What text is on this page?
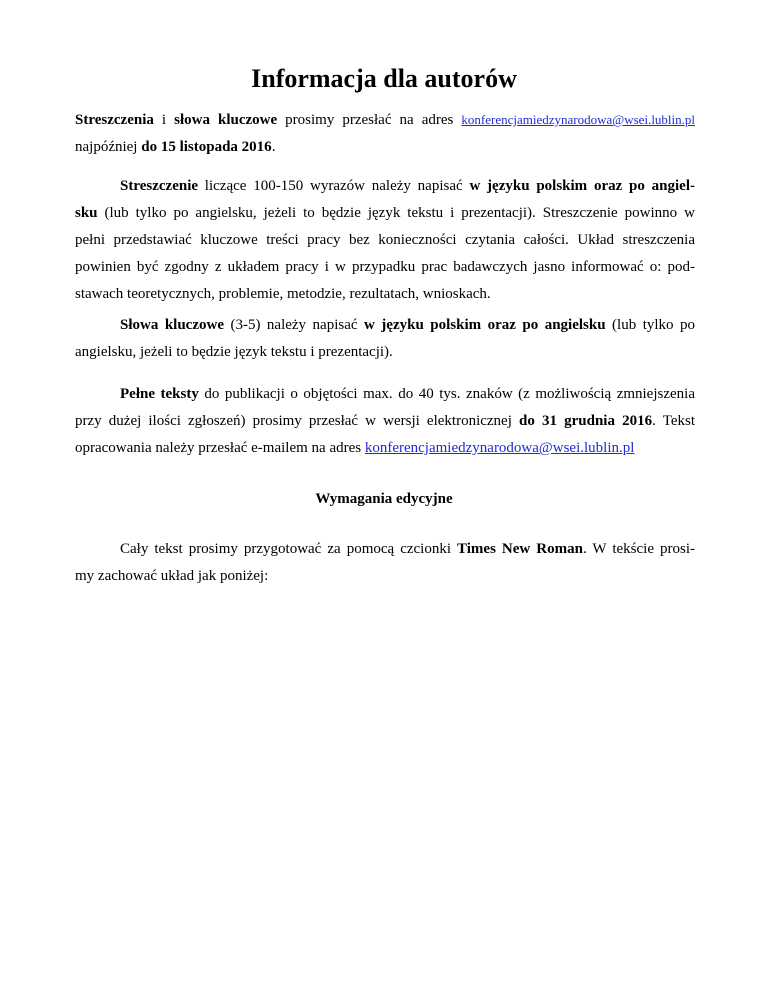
Informacja dla autorów
Streszczenia i słowa kluczowe prosimy przesłać na adres konferencjamiedzynarodowa@wsei.lublin.pl
najpóźniej do 15 listopada 2016.
Streszczenie liczące 100-150 wyrazów należy napisać w języku polskim oraz po angiel-
sku (lub tylko po angielsku, jeżeli to będzie język tekstu i prezentacji). Streszczenie powinno w
pełni przedstawiać kluczowe treści pracy bez konieczności czytania całości. Układ streszczenia
powinien być zgodny z układem pracy i w przypadku prac badawczych jasno informować o: pod-
stawach teoretycznych, problemie, metodzie, rezultatach, wnioskach.
Słowa kluczowe (3-5) należy napisać w języku polskim oraz po angielsku (lub tylko po
angielsku, jeżeli to będzie język tekstu i prezentacji).
Pełne teksty do publikacji o objętości max. do 40 tys. znaków (z możliwością zmniejszenia
przy dużej ilości zgłoszeń) prosimy przesłać w wersji elektronicznej do 31 grudnia 2016. Tekst
opracowania należy przesłać e-mailem na adres konferencjamiedzynarodowa@wsei.lublin.pl
Wymagania edycyjne
Cały tekst prosimy przygotować za pomocą czcionki Times New Roman. W tekście prosi-
my zachować układ jak poniżej:
